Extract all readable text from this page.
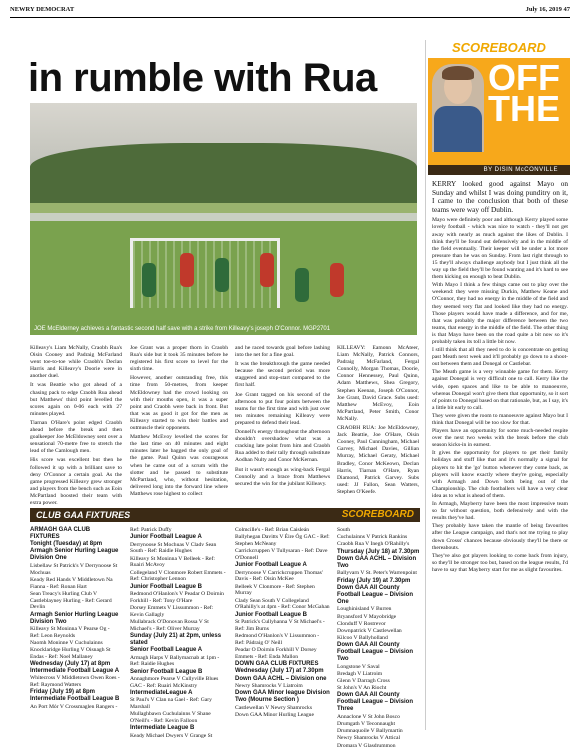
NEWRY DEMOCRAT	July 16, 2019 47
in rumble with Rua
JOE McElderney achieves a fantastic second half save with a strike from Killeavy's joseph O'Connor. MGP2701

Killeavy's Liam McNally, Craobh Rua's Oisin Cooney and Padraig McFarland went toe-to-toe while Craobh's Declan Harris and Killeavy's Doorie were in another duel.

It was Beattie who got ahead of a chasing pack to edge Craobh Rua ahead but Matthews' third point levelled the scores again on 0-06 each with 27 minutes played.

Tiarnan O'Hare's point edged Craobh ahead before the break and then goalkeeper Joe McEldowney sent over a sensational 70-metre free to stretch the lead of the Camlough men.

His score was excellent but then he followed it up with a brilliant save to deny O'Connor a certain goal. As the game progressed Killeavy grew stronger and players from the bench such as Eoin McPartland boosted their team with extra power.

Joe Grant was a proper thorn in Craobh Rua's side but it took 35 minutes before he registered his first score to level for the sixth time.

However, another outstanding free, this time from 50-metres, from keeper McEldowney had the crowd looking on with their mouths open, it was a super point and Craobh were back in front. But that was as good it got for the men as Killeavy started to win their battles and outmuscle their opponents.

Matthew McEvoy levelled the scores for the last time on 40 minutes and eight minutes later he bagged the only goal of the game. Paul Quinn was courageous when he came out of a scrum with the slotter and he passed to substitute McPartland, who, without hesitation, delivered long into the forward line where Matthews rose highest to collect

and he raced towards goal before lashing into the net for a fine goal.

It was the breakthrough the game needed because the second period was more staggered and stop-start compared to the first half.

Joe Grant tagged on his second of the afternoon to put four points between the teams for the first time and with just over ten minutes remaining Killeavy were prepared to defend their lead.

Donnell's energy throughout the afternoon shouldn't overshadow what was a cracking late point from him and Craobh Rua added to their tally through substitute Aodhan Nulty and Conor McKernan.

But it wasn't enough as wing-back Fergal Connolly and a brace from Matthews secured the win for the jubilant Killeavy.

KILLEAVY: Eamonn McAteer, Liam McNally, Patrick Connors, Padraig McFarland, Fergal Connolly, Morgan Thomas, Doorie, Connor Hennessey, Paul Quinn, Adam Matthews, Shea Gregory, Stephen Keenan, Joseph O'Connor, Joe Grant, David Grace. Subs used: Matthew McEvoy, Eoin McPartland, Peter Smith, Conor McNally.

CRAOBH RUA: Joe McEldowney, Jack Beattie, Joe O'Hare, Oisin Cooney, Paul Cunningham, Michael Garvey, Michael Davies, Gillian Murray, Michael Geraty, Michael Bradley, Conor McKeown, Declan Harris, Tiarnan O'Hare, Ryan Diamond, Patrick Garvey. Subs used: JJ Fallon, Sean Watters, Stephen O'Keefe.

SCOREBOARD
OFF
THE
BY DISIN McCONVILLE

KERRY looked good against Mayo on Sunday and whilst I was doing punditry on it, I came to the conclusion that both of these teams were way off Dublin.

Mayo were definitely poor and although Kerry played some lovely football - which was nice to watch - they'll not get away with nearly as much against the likes of Dublin. I think they'll be found out defensively and in the middle of the field eventually. Their keeper will be under a lot more pressure than he was on Sunday. From last right through to 15 they'll always challenge anybody but I just think all the way up the field they'll be found wanting and it's hard to see them kicking on enough to beat Dublin.

With Mayo I think a few things came out to play over the weekend: they were missing Durkin, Matthew Keane and O'Connor, they had no energy in the middle of the field and they seemed very flat and looked like they had no energy. Those players would have made a difference, and for me, that was probably the major difference between the two teams, that energy in the middle of the field. The other thing is that Mayo have been on the road quite a bit now so it's probably taken its toll a little bit now.

I still think that all they need to do is concentrate on getting past Meath next week and it'll probably go down to a shoot-out between them and Donegal or Castlebar.

The Meath game is a very winnable game for them. Kerry against Donegal is very difficult one to call. Kerry like the wide, open spaces and like to be able to manoeuvre, whereas Donegal won't give them that opportunity, so it sort of points to Donegal based on that rationale, but, as I say, it's a little bit early to call.

They were given the room to manoeuvre against Mayo but I think that Donegal will be too slow for that.

Players have an opportunity for some much-needed respite over the next two weeks with the break before the club season kicks-in in earnest.

It gives the opportunity for players to get their family holidays and stuff like that and it's normally a signal for players to hit the 'go' button whenever they come back, as players will know exactly where they're going, especially with Armagh and Down both being out of the Championship. The club footballers will have a very clear idea as to what is ahead of them.

In Armagh, Mayberry have been the most impressive team so far without question, both defensively and with the results they've had.

They probably have taken the mantle of being favourites after the League campaign, and that's not me trying to play down Crosss' chances because obviously they'll be there or thereabouts.

They've also got players looking to come back from injury, so they'll be stronger too but, based on the league results, I'd have to say that Mayberry start for me as slight favourites.

CLUB GAA FIXTURES	SCOREBOARD
ARMAGH GAA CLUB FIXTURES
Tonight (Tuesday) at 8pm Armagh Senior Hurling League Division One
Lisbellaw St Patrick's V Derrynoose St Mochuas
Keady Red Hands V Middletown Na Fianna - Ref: Ronan Hart
Sean Treacy's Hurling Club V Castleblayney Hurling - Ref: Gerard Devlin
Armagh Senior Hurling League Division Two
Killeavy St Moninna V Pearse Og - Ref: Leon Reynolds
Naomh Moninne V Cuchulainns
Knocklaridge Hurling V Oisnagh St Endas - Ref: Noel Mallaney
Wednesday (July 17) at 8pm Intermediate Football League A
Whitecross V Middletown Owen Roes - Ref: Raymond Watters
Friday (July 19) at 8pm Intermediate Football League B
An Port Mór V Crossmaglen Rangers -
Ref: Patrick Duffy
Junior Football League A
Derrynoose St Mochuas V Cladv Sean South - Ref: Raidie Hughes
Killeavy St Moninna V Belleek - Ref: Ruairi McAvoy
Collegeland V Clonmore Robert Emmets - Ref: Christopher Lennon
Junior Football League B
Redmond O'Hanlon's V Peadar O Doirnin Forkhill - Ref: Tony O'Hare
Dorsey Emmets V Lissummon - Ref: Kevin Gallagly
Mullabrack O'Donovan Rossa V St Michael's - Ref: Oliver Murray
Sunday (July 21) at 2pm, unless stated
Senior Football League A
Armagh Harps V Ballymacnab at 1pm - Ref: Raidie Hughes
Senior Football League B
Annaghmore Pearse V Cullyville Blues GAC - Ref: Ruairi McKinstry
IntermediateLeague A
St Paul's V Clan na Gael - Ref: Gary Marshall
Mullaghbawn Cuchulainns V Shane O'Neill's - Ref: Kevin Falloon
Intermediate League B
Keady Michael Dwyers V Grange St
Colmcille's - Ref: Brian Caisleán
Ballyhegan Davitts V Éire Óg GAC - Ref: Stephen McNeany
Carrickcruppen V Tullysaran - Ref: Dave O'Donnell
Junior Football League A
Derrynoose V Carrickcruppen Thomas' Davis - Ref: Oisin McKee
Belleek V Clonmore - Ref: Stephen Murray
Clady Sean South V Collegeland O'Rahilly's at 4pm - Ref: Conor McGahan
Junior Football League B
St Patrick's Cullyhanna V St Michael's - Ref: Jim Burns
Redmond O'Hanlon's V Lissummon - Ref: Pádraig O' Neill
Peadar O Doirnin Forkhill V Dorsey Emmets - Ref: Enda Mallon
DOWN GAA CLUB FIXTURES
Wednesday (July 17) at 7.30pm
Down GAA ACHL – Division one
Newry Shamrocks V Liatroim
Down GAA Minor league Division Two (Mourne Section )
Castlewellan V Newry Shamrocks
Down GAA Minor Hurling League
South
Cuchulainns V Patrick Rankins
Craobh Rua V Inegh O'Rahilly's
Thursday (July 18) at 7.30pm
Down GAA ACHL – Division Two
Ballyvarn V St. Peter's Warrenpoint
Friday (July 19) at 7.30pm
Down GAA All County Football League – Division One
Loughinisland V Burren
Bryansford V Mayobridge
Clonduff V Rostrevor
Downpatrick V Castlewellan
Kilcoo V Ballyholland
Down GAA All County Football League – Division Two
Longstone V Saval
Bredagh V Liatroim
Glenn V Darragh Cross
St John's V An Riocht
Down GAA All County Football League – Division Three
Annaclone V St John Bosco
Drumgath V Teconnaught
Drumnaquoile V Ballymartin
Newry Shamrocks V Attical
Dromara V Glasdrummon
